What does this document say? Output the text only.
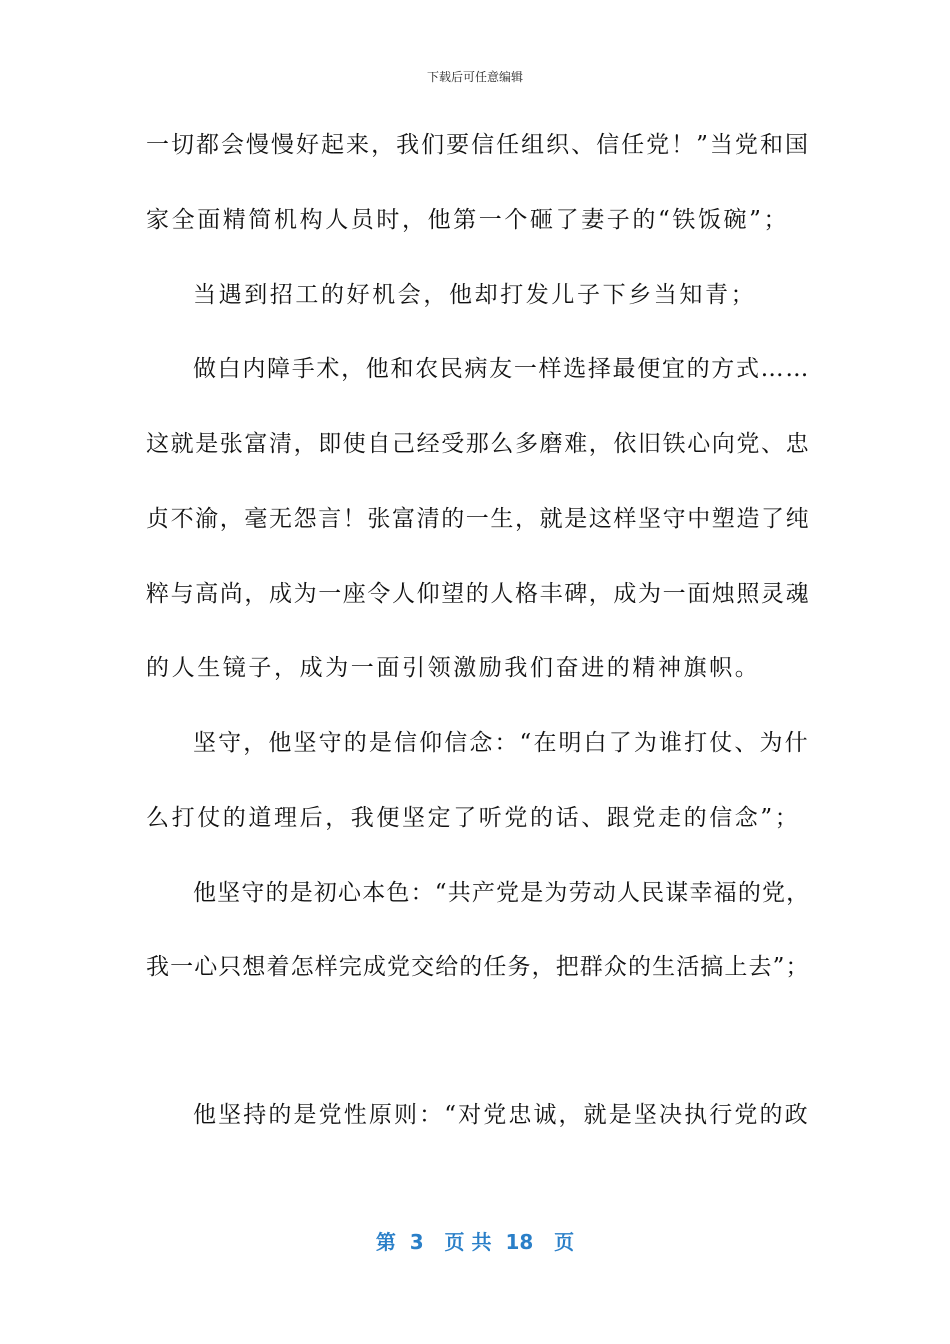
下载后可任意编辑
一切都会慢慢好起来，我们要信任组织、信任党！”当党和国
家全面精简机构人员时，他第一个砸了妻子的“铁饭碗”；
当遇到招工的好机会，他却打发儿子下乡当知青；
做白内障手术，他和农民病友一样选择最便宜的方式……
这就是张富清，即使自己经受那么多磨难，依旧铁心向党、忠
贞不渝，毫无怨言！张富清的一生，就是这样坚守中塑造了纯
粹与高尚，成为一座令人仰望的人格丰碑，成为一面烛照灵魂
的人生镜子，成为一面引领激励我们奋进的精神旗帜。
坚守，他坚守的是信仰信念：“在明白了为谁打仗、为什
么打仗的道理后，我便坚定了听党的话、跟党走的信念”；
他坚守的是初心本色：“共产党是为劳动人民谋幸福的党，
我一心只想着怎样完成党交给的任务，把群众的生活搞上去”；
他坚持的是党性原则：“对党忠诚，就是坚决执行党的政
第  3   页 共  18   页
